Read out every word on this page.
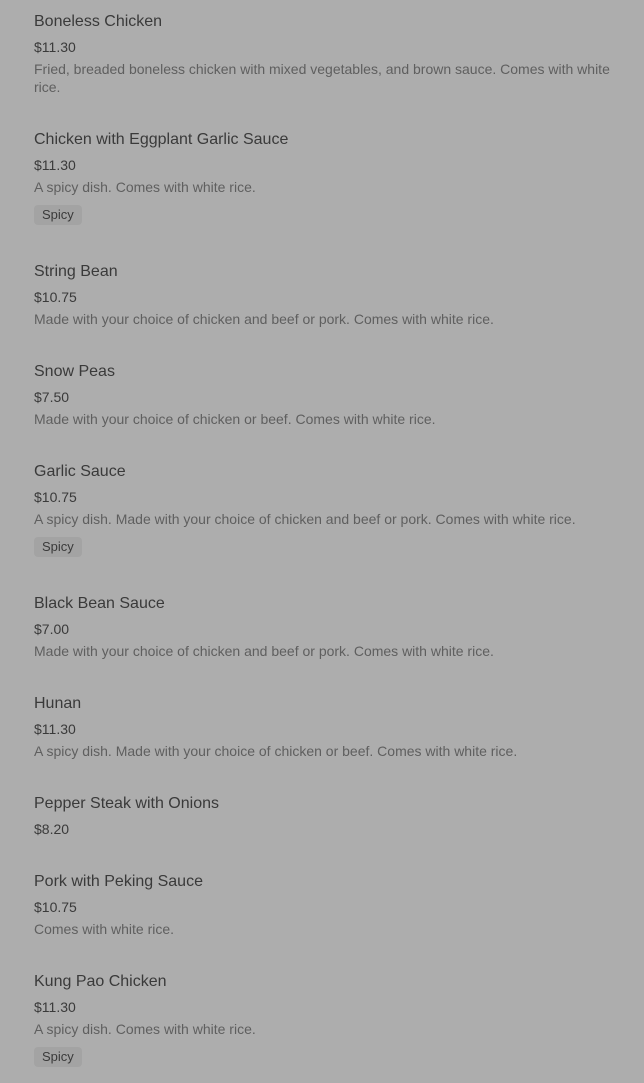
Boneless Chicken
$11.30
Fried, breaded boneless chicken with mixed vegetables, and brown sauce. Comes with white rice.
Chicken with Eggplant Garlic Sauce
$11.30
A spicy dish. Comes with white rice.
Spicy
String Bean
$10.75
Made with your choice of chicken and beef or pork. Comes with white rice.
Snow Peas
$7.50
Made with your choice of chicken or beef. Comes with white rice.
Garlic Sauce
$10.75
A spicy dish. Made with your choice of chicken and beef or pork. Comes with white rice.
Spicy
Black Bean Sauce
$7.00
Made with your choice of chicken and beef or pork. Comes with white rice.
Hunan
$11.30
A spicy dish. Made with your choice of chicken or beef. Comes with white rice.
Pepper Steak with Onions
$8.20
Pork with Peking Sauce
$10.75
Comes with white rice.
Kung Pao Chicken
$11.30
A spicy dish. Comes with white rice.
Spicy
